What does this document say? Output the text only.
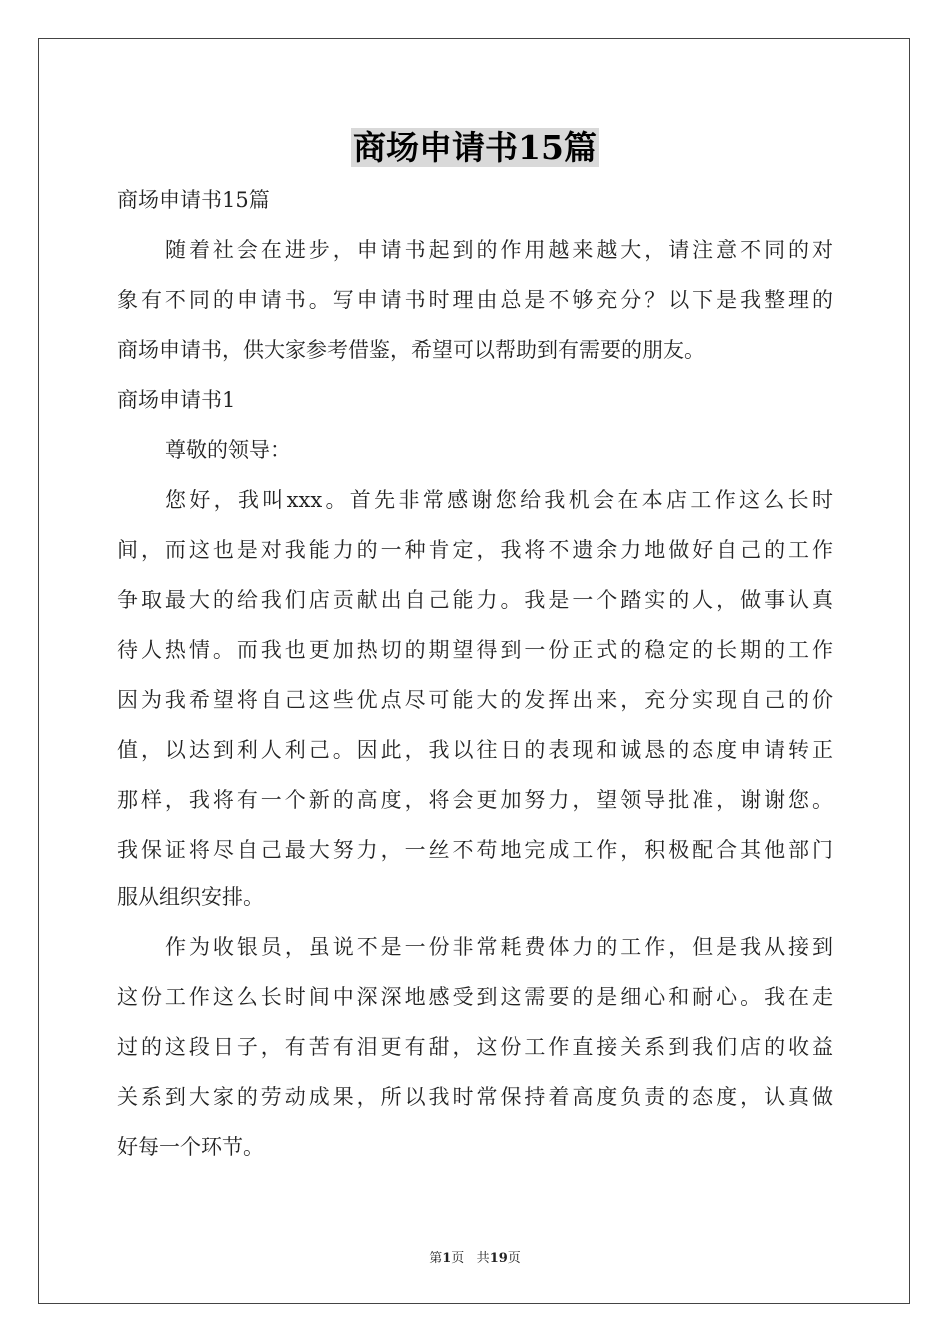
商场申请书15篇
商场申请书15篇
随着社会在进步，申请书起到的作用越来越大，请注意不同的对
象有不同的申请书。写申请书时理由总是不够充分？以下是我整理的
商场申请书，供大家参考借鉴，希望可以帮助到有需要的朋友。
商场申请书1
尊敬的领导：
您好，我叫xxx。首先非常感谢您给我机会在本店工作这么长时
间，而这也是对我能力的一种肯定，我将不遗余力地做好自己的工作
争取最大的给我们店贡献出自己能力。我是一个踏实的人，做事认真
待人热情。而我也更加热切的期望得到一份正式的稳定的长期的工作
因为我希望将自己这些优点尽可能大的发挥出来，充分实现自己的价
值，以达到利人利己。因此，我以往日的表现和诚恳的态度申请转正
那样，我将有一个新的高度，将会更加努力，望领导批准，谢谢您。
我保证将尽自己最大努力，一丝不苟地完成工作，积极配合其他部门
服从组织安排。
作为收银员，虽说不是一份非常耗费体力的工作，但是我从接到
这份工作这么长时间中深深地感受到这需要的是细心和耐心。我在走
过的这段日子，有苦有泪更有甜，这份工作直接关系到我们店的收益
关系到大家的劳动成果，所以我时常保持着高度负责的态度，认真做
好每一个环节。
第1页 共19页
